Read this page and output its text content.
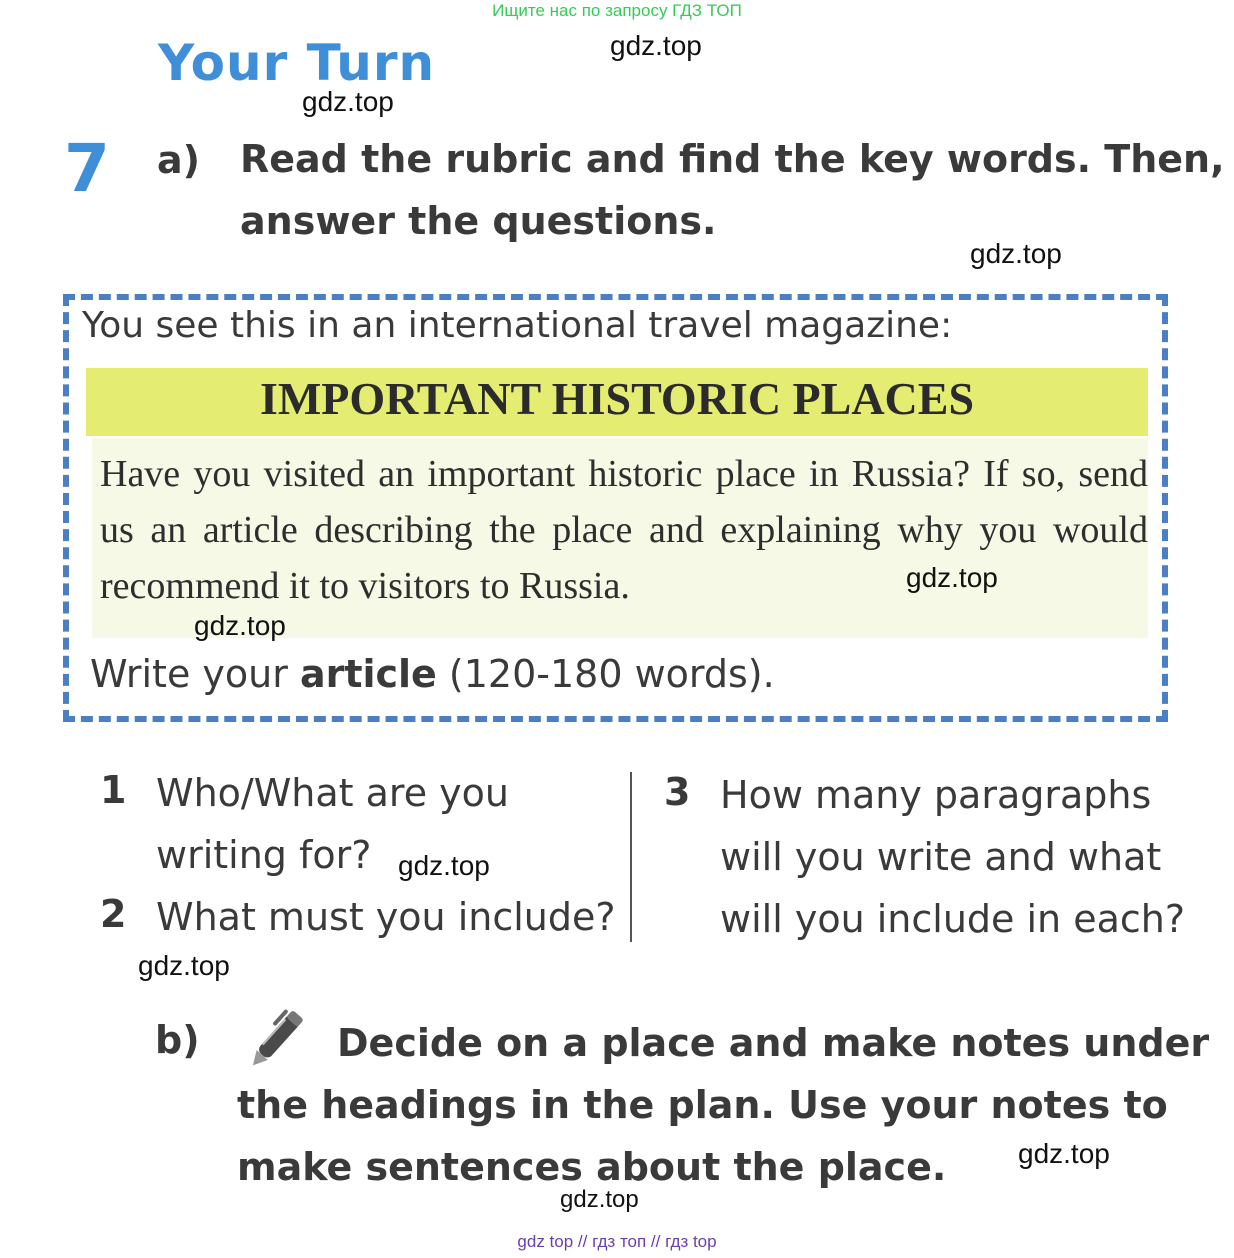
Ищите нас по запросу ГДЗ ТОП
Your Turn
7 a) Read the rubric and find the key words. Then,
answer the questions.
You see this in an international travel magazine:
IMPORTANT HISTORIC PLACES
Have you visited an important historic place in Russia? If so, send us an article describing the place and explaining why you would recommend it to visitors to Russia.
Write your article (120-180 words).
1 Who/What are you
writing for?
2 What must you include?
3 How many paragraphs
will you write and what
will you include in each?
b)	Decide on a place and make notes under
the headings in the plan. Use your notes to
make sentences about the place.
gdz.top
gdz.top
gdz.top
gdz.top
gdz.top
gdz.top
gdz.top
gdz.top
gdz.top
gdz top // гдз топ // гдз top
